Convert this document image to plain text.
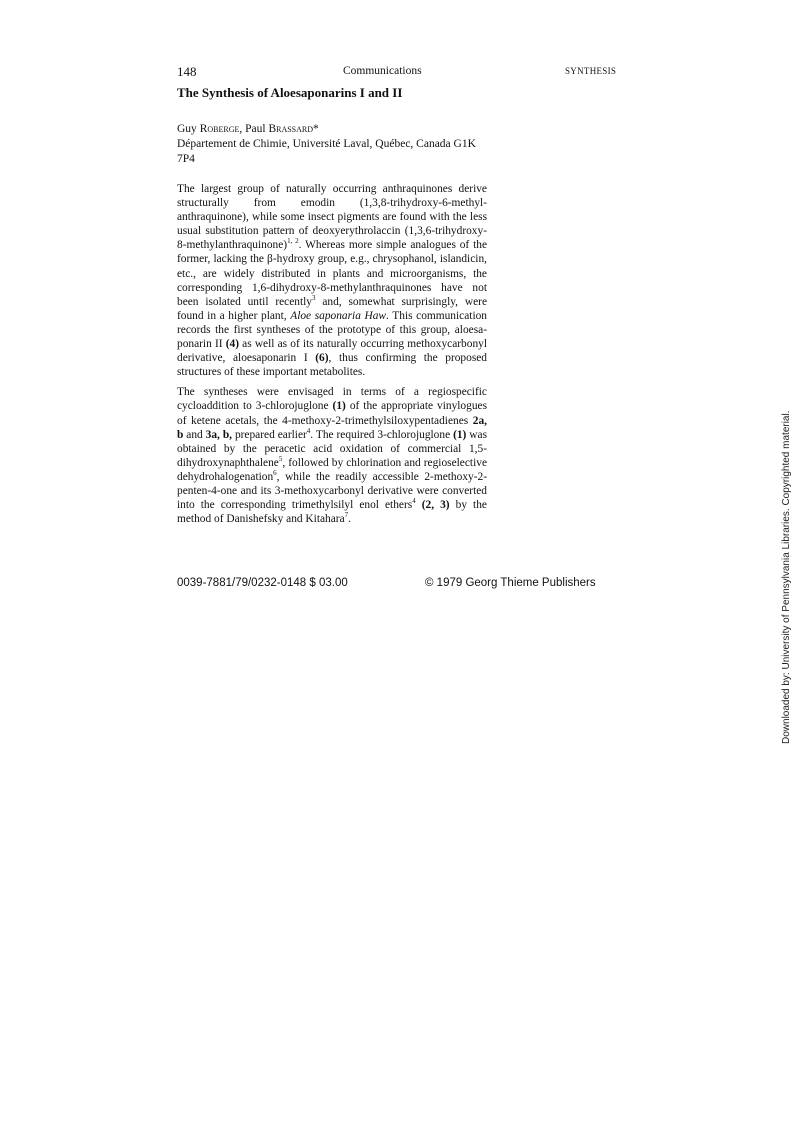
148	Communications	SYNTHESIS
The Synthesis of Aloesaponarins I and II
Guy Roberge, Paul Brassard*
Département de Chimie, Université Laval, Québec, Canada G1K 7P4

The largest group of naturally occurring anthraquinones derive structurally from emodin (1,3,8-trihydroxy-6-methylanthraquinone), while some insect pigments are found with the less usual substitution pattern of deoxyerythrolaccin (1,3,6-trihydroxy-8-methylanthraquinone)$^{1, 2}$. Whereas more simple analogues of the former, lacking the β-hydroxy group, e.g., chrysophanol, islandicin, etc., are widely distributed in plants and microorganisms, the corresponding 1,6-dihydroxy-8-methylanthraquinones have not been isolated until recently$^3$ and, somewhat surprisingly, were found in a higher plant, Aloe saponaria Haw. This communication records the first syntheses of the prototype of this group, aloesaponarin II (4) as well as of its naturally occurring methoxycarbonyl derivative, aloesaponarin I (6), thus confirming the proposed structures of these important metabolites.

The syntheses were envisaged in terms of a regiospecific cycloaddition to 3-chlorojuglone (1) of the appropriate vinylogues of ketene acetals, the 4-methoxy-2-trimethylsiloxypentadienes 2a, b and 3a, b, prepared earlier$^4$. The required 3-chlorojuglone (1) was obtained by the peracetic acid oxidation of commercial 1,5-dihydroxynaphthalene$^5$, followed by chlorination and regioselective dehydrohalogenation$^6$, while the readily accessible 2-methoxy-2-penten-4-one and its 3-methoxycarbonyl derivative were converted into the corresponding trimethylsilyl enol ethers$^4$ (2, 3) by the method of Danishefsky and Kitahara$^7$.

0039-7881/79/0232-0148 $ 03.00	© 1979 Georg Thieme Publishers	Downloaded by: University of Pennsylvania Libraries. Copyrighted material.
